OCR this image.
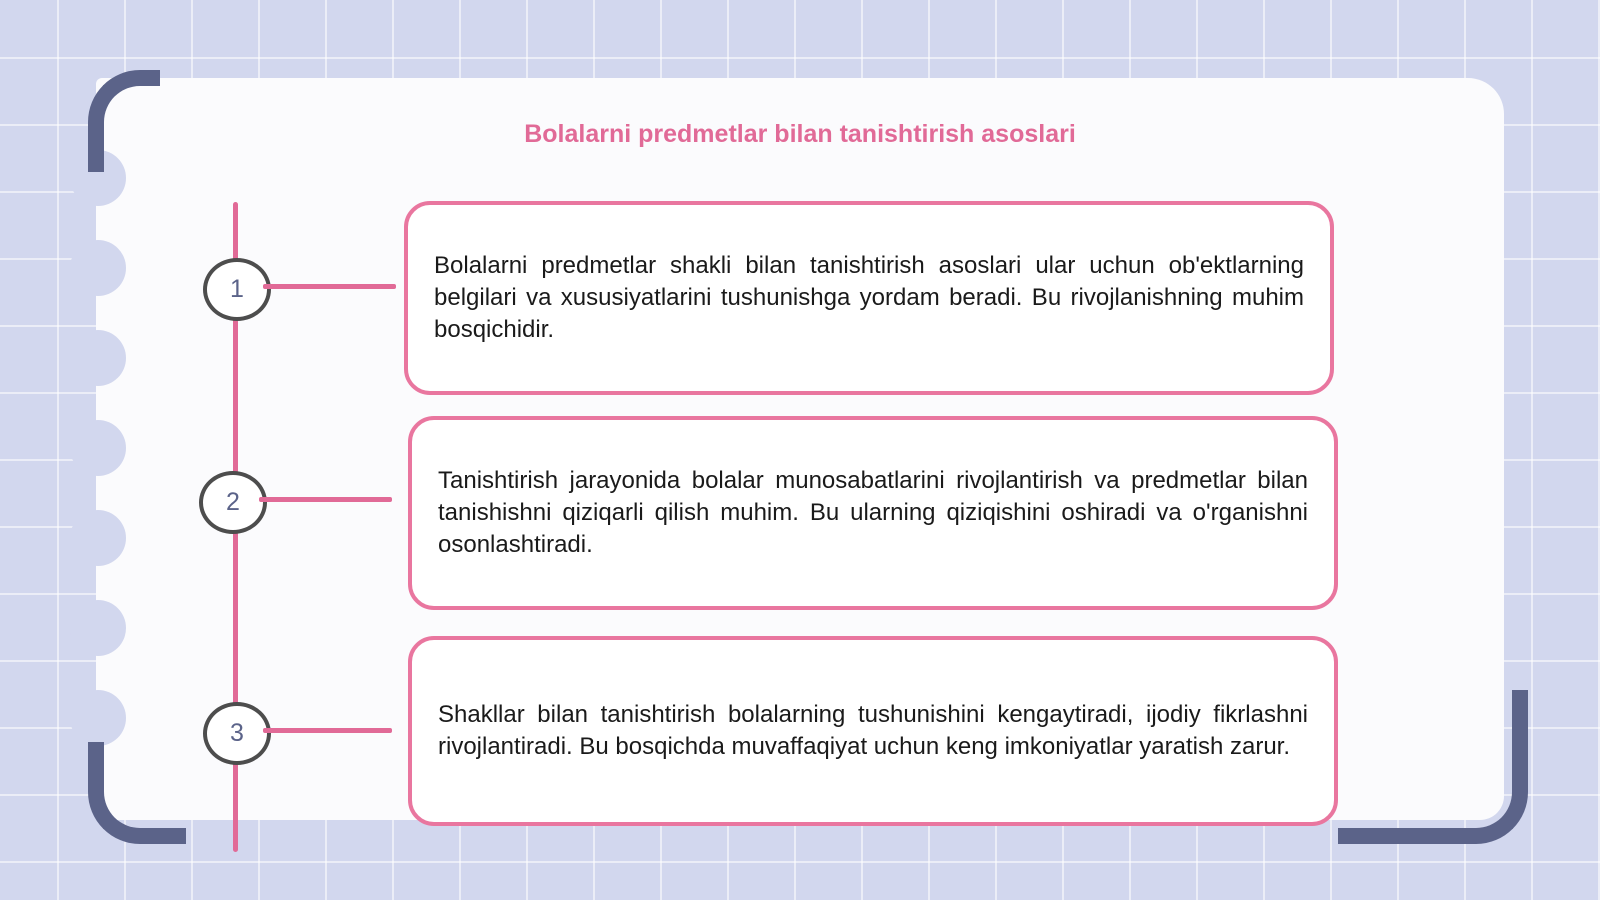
Bolalarni predmetlar bilan tanishtirish asoslari
1

Bolalarni predmetlar shakli bilan tanishtirish asoslari ular uchun ob'ektlarning belgilari va xususiyatlarini tushunishga yordam beradi. Bu rivojlanishning muhim bosqichidir.

2

Tanishtirish jarayonida bolalar munosabatlarini rivojlantirish va predmetlar bilan tanishishni qiziqarli qilish muhim. Bu ularning qiziqishini oshiradi va o'rganishni osonlashtiradi.

3

Shakllar bilan tanishtirish bolalarning tushunishini kengaytiradi, ijodiy fikrlashni rivojlantiradi. Bu bosqichda muvaffaqiyat uchun keng imkoniyatlar yaratish zarur.
